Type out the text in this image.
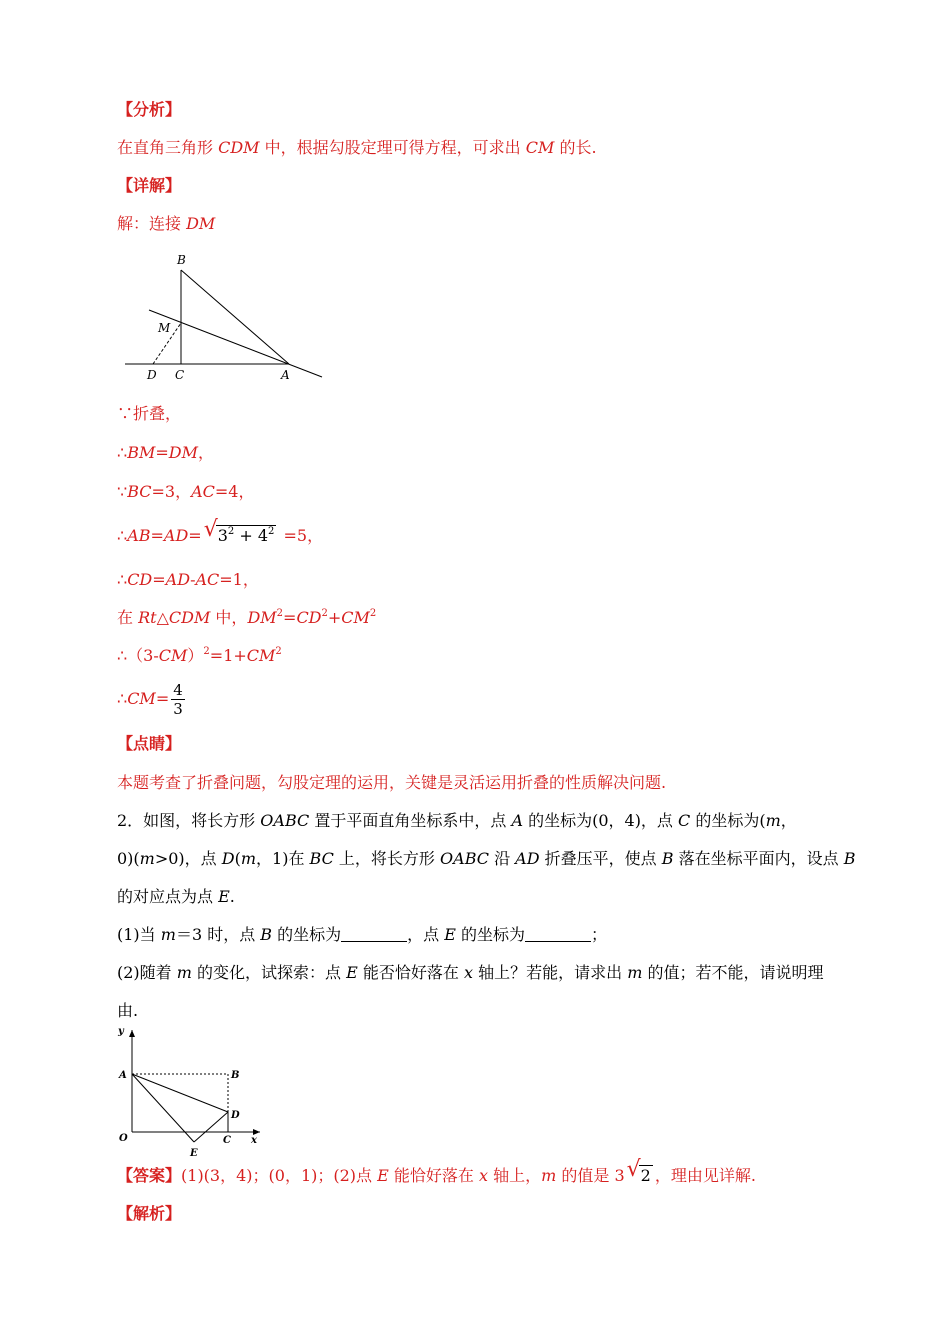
【分析】
在直角三角形 CDM 中，根据勾股定理可得方程，可求出 CM 的长.
【详解】
解：连接 DM
B
M
D C	A
∵折叠，
∴BM=DM，
∵BC=3，AC=4，
∴AB=AD= √ $3^2 + 4^2 =5$，
∴CD=AD-AC=1，
在 Rt△CDM 中，$DM^2=CD^2+CM^2$
$\therefore(3-CM)^2=1+CM^2$
∴CM= $\frac{4}{3}$
【点睛】
本题考查了折叠问题，勾股定理的运用，关键是灵活运用折叠的性质解决问题.
2．如图，将长方形 OABC 置于平面直角坐标系中，点 A 的坐标为(0，4)，点 C 的坐标为(m，
0)(m>0)，点 D(m，1)在 BC 上，将长方形 OABC 沿 AD 折叠压平，使点 B 落在坐标平面内，设点 B
的对应点为点 E.
(1)当 m＝3 时，点 B 的坐标为	，点 E 的坐标为	；
(2)随着 m 的变化，试探索：点 E 能否恰好落在 x 轴上？若能，请求出 m 的值；若不能，请说明理
由.
y
A	B
D
O	C x
E
【答案】(1)(3，4)；(0，1)；(2)点 E 能恰好落在 x 轴上，m 的值是 3 √ 2 ，理由见详解.
【解析】
